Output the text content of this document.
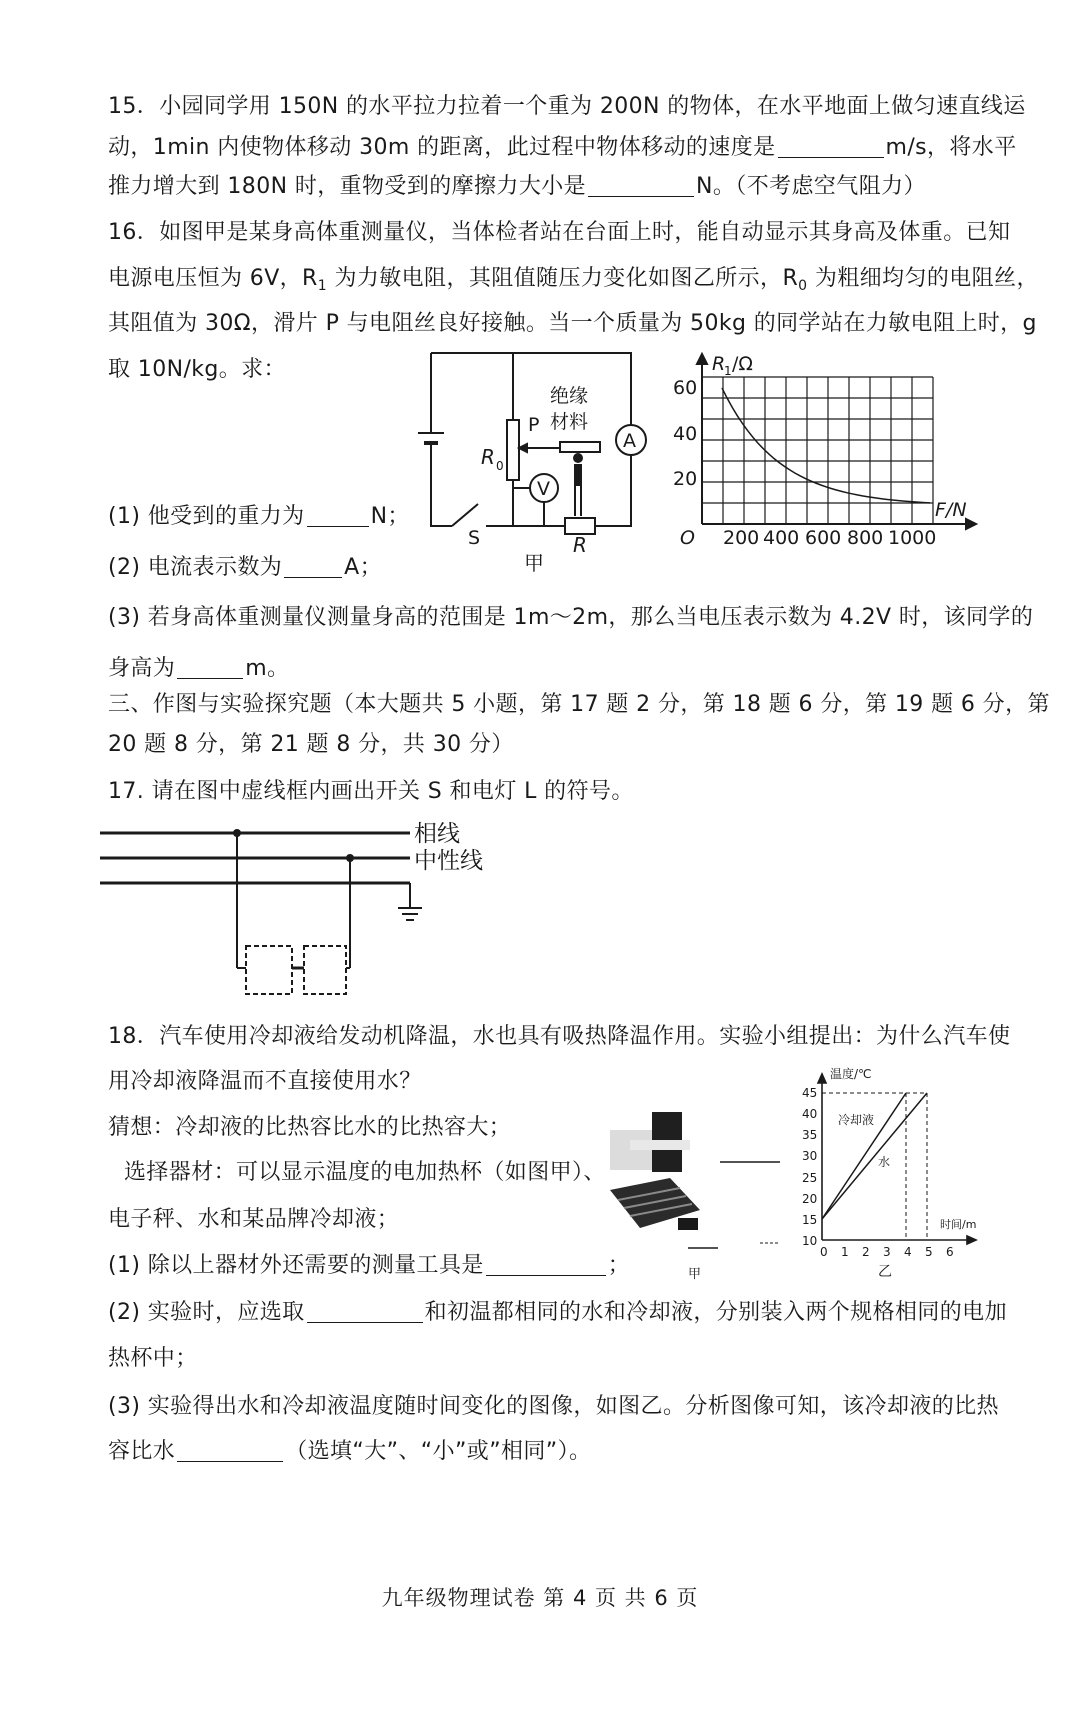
15．小园同学用 150N 的水平拉力拉着一个重为 200N 的物体，在水平地面上做匀速直线运
动，1min 内使物体移动 30m 的距离，此过程中物体移动的速度是	m/s，将水平
推力增大到 180N 时，重物受到的摩擦力大小是	N。（不考虑空气阻力）
16．如图甲是某身高体重测量仪，当体检者站在台面上时，能自动显示其身高及体重。已知
电源电压恒为 6V，$R_1$ 为力敏电阻，其阻值随压力变化如图乙所示，$R_0$ 为粗细均匀的电阻丝，
其阻值为 30Ω，滑片 P 与电阻丝良好接触。当一个质量为 50kg 的同学站在力敏电阻上时，g
取 10N/kg。求：
(1) 他受到的重力为	N；
(2) 电流表示数为	A；
(3) 若身高体重测量仪测量身高的范围是 1m～2m，那么当电压表示数为 4.2V 时，该同学的
身高为	m。
绝缘
材料
P
R 0
A
V
S	R
甲
R
1 /Ω
F/N
O
60
40
20
200 400 600 800 1000
三、作图与实验探究题（本大题共 5 小题，第 17 题 2 分，第 18 题 6 分，第 19 题 6 分，第
20 题 8 分，第 21 题 8 分，共 30 分）
17. 请在图中虚线框内画出开关 S 和电灯 L 的符号。
相线
中性线
18．汽车使用冷却液给发动机降温，水也具有吸热降温作用。实验小组提出：为什么汽车使
用冷却液降温而不直接使用水？
猜想：冷却液的比热容比水的比热容大；
选择器材：可以显示温度的电加热杯（如图甲）、
电子秤、水和某品牌冷却液；
(1) 除以上器材外还需要的测量工具是	；
(2) 实验时，应选取	和初温都相同的水和冷却液，分别装入两个规格相同的电加
热杯中；
(3) 实验得出水和冷却液温度随时间变化的图像，如图乙。分析图像可知，该冷却液的比热
容比水	（选填“大”、“小”或”相同”）。
甲
温度/℃
时间/m
冷却液
水
45
40
35
30
25
20
15
10
0 1 2 3 4 5 6
乙
九年级物理试卷 第 4 页 共 6 页
